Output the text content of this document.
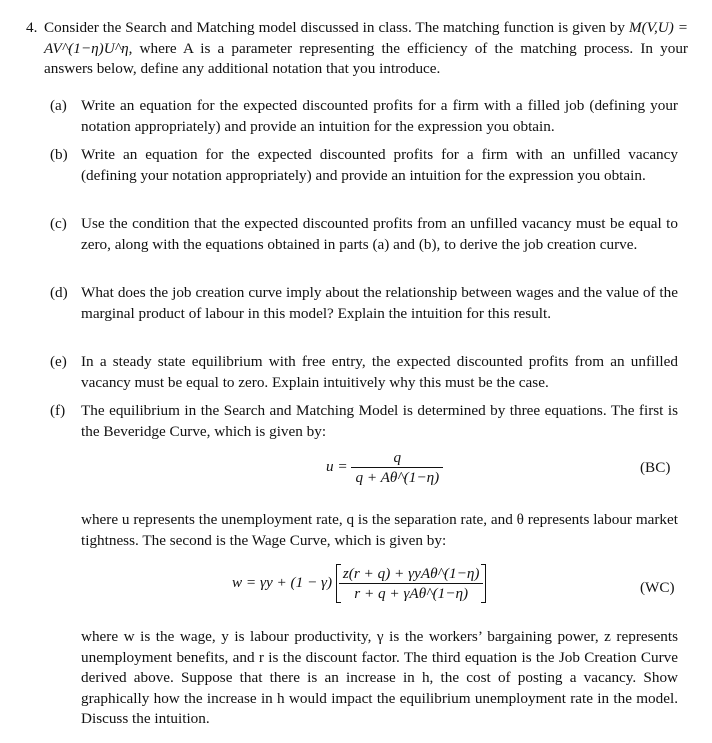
4. Consider the Search and Matching model discussed in class. The matching function is given by M(V,U) = AV^(1−η)U^η, where A is a parameter representing the efficiency of the matching process. In your answers below, define any additional notation that you introduce.
(a) Write an equation for the expected discounted profits for a firm with a filled job (defining your notation appropriately) and provide an intuition for the expression you obtain.
(b) Write an equation for the expected discounted profits for a firm with an unfilled vacancy (defining your notation appropriately) and provide an intuition for the expression you obtain.
(c) Use the condition that the expected discounted profits from an unfilled vacancy must be equal to zero, along with the equations obtained in parts (a) and (b), to derive the job creation curve.
(d) What does the job creation curve imply about the relationship between wages and the value of the marginal product of labour in this model? Explain the intuition for this result.
(e) In a steady state equilibrium with free entry, the expected discounted profits from an unfilled vacancy must be equal to zero. Explain intuitively why this must be the case.
(f) The equilibrium in the Search and Matching Model is determined by three equations. The first is the Beveridge Curve, which is given by:
$u = \frac{q}{q + A\theta\^{}(1-\eta)}$	(BC)
where u represents the unemployment rate, q is the separation rate, and θ represents labour market tightness. The second is the Wage Curve, which is given by:
$w = \gamma y + (1 - \gamma) \frac{\text{z(r + q) + γyAθ\textasciicircum{}(1−η)}}{\text{r + q + γAθ\textasciicircum{}(1−η)}}$	(WC)
where w is the wage, y is labour productivity, γ is the workers’ bargaining power, z represents unemployment benefits, and r is the discount factor. The third equation is the Job Creation Curve derived above. Suppose that there is an increase in h, the cost of posting a vacancy. Show graphically how the increase in h would impact the equilibrium unemployment rate in the model. Discuss the intuition.
